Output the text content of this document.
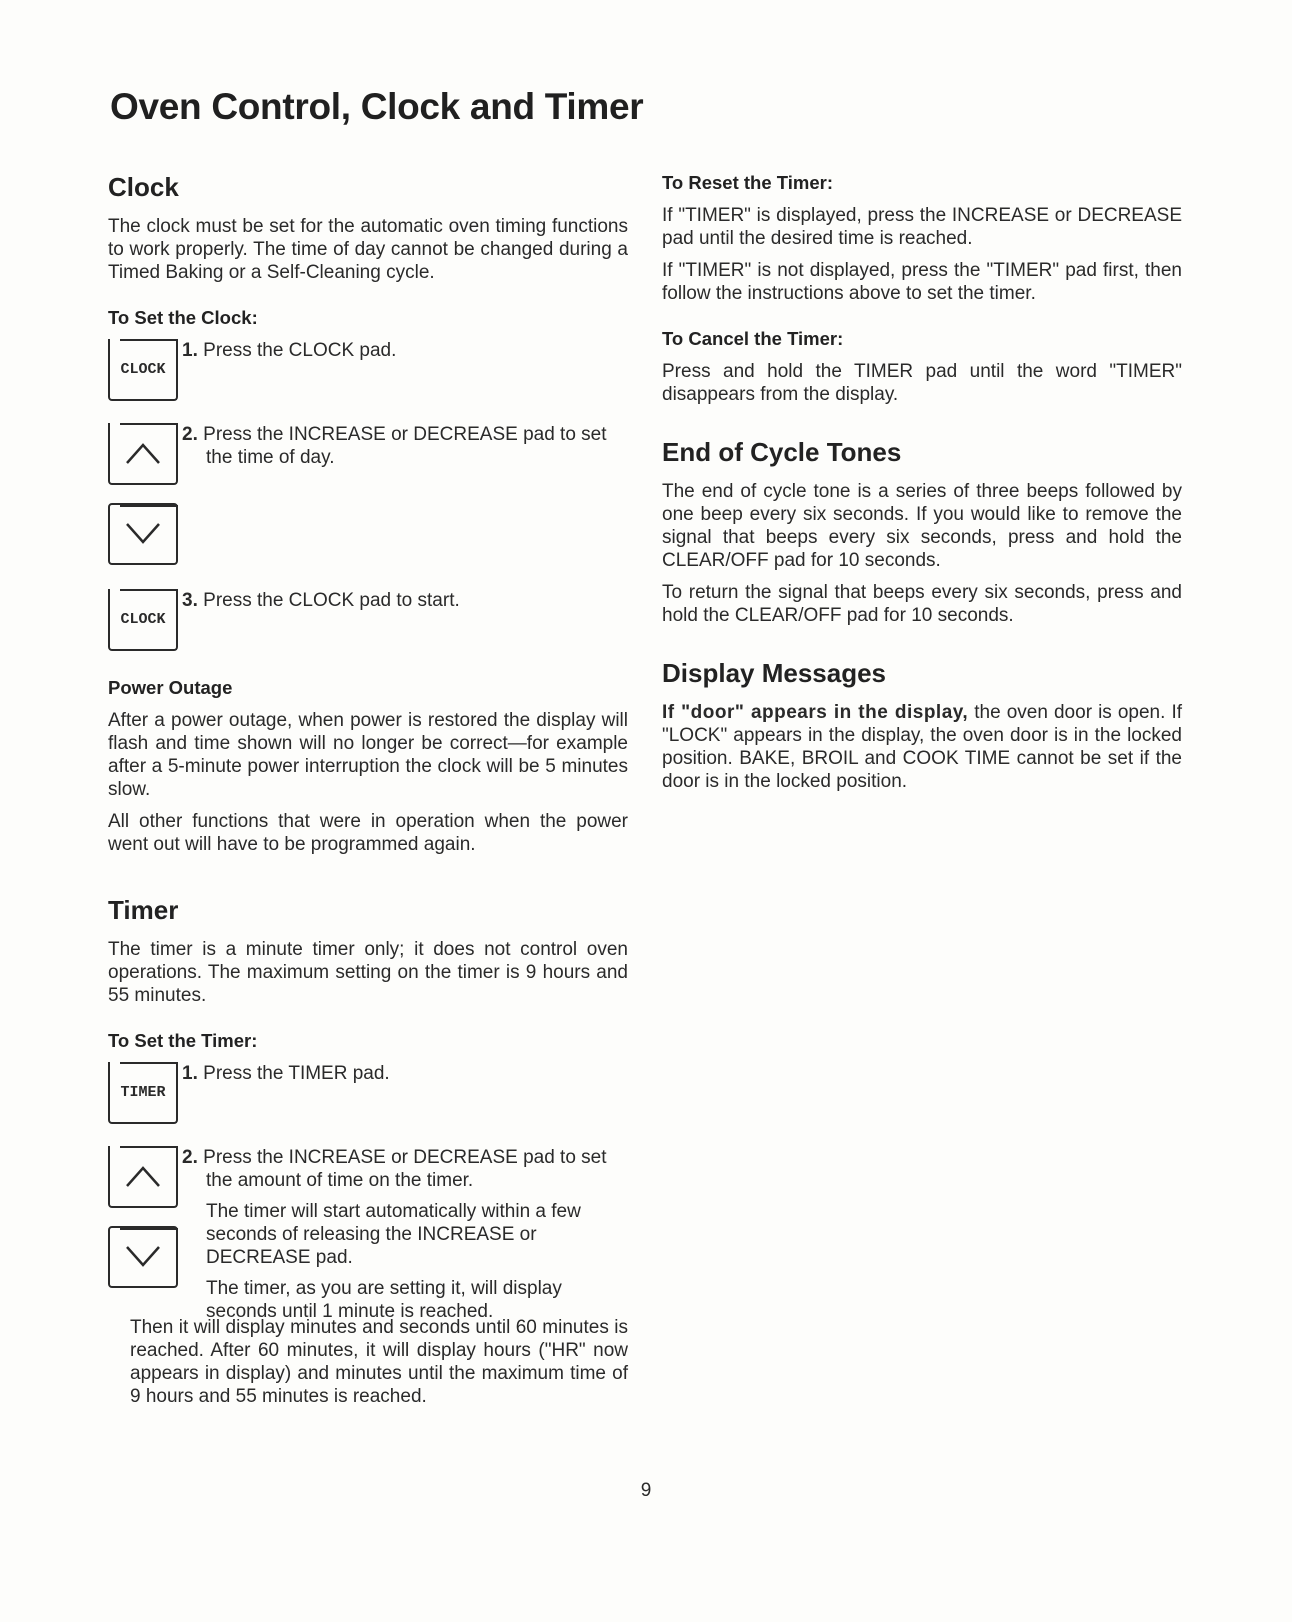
Oven Control, Clock and Timer
Clock

The clock must be set for the automatic oven timing functions to work properly. The time of day cannot be changed during a Timed Baking or a Self-Cleaning cycle.

To Set the Clock:
CLOCK
1. Press the CLOCK pad.
2. Press the INCREASE or DECREASE pad to set the time of day.
CLOCK
3. Press the CLOCK pad to start.
Power Outage

After a power outage, when power is restored the display will flash and time shown will no longer be correct—for example after a 5-minute power interruption the clock will be 5 minutes slow.

All other functions that were in operation when the power went out will have to be programmed again.

Timer

The timer is a minute timer only; it does not control oven operations. The maximum setting on the timer is 9 hours and 55 minutes.

To Set the Timer:
TIMER
1. Press the TIMER pad.
2. Press the INCREASE or DECREASE pad to set the amount of time on the timer.
The timer will start automatically within a few seconds of releasing the INCREASE or DECREASE pad.
The timer, as you are setting it, will display seconds until 1 minute is reached.

Then it will display minutes and seconds until 60 minutes is reached. After 60 minutes, it will display hours ("HR" now appears in display) and minutes until the maximum time of 9 hours and 55 minutes is reached.

To Reset the Timer:

If "TIMER" is displayed, press the INCREASE or DECREASE pad until the desired time is reached.

If "TIMER" is not displayed, press the "TIMER" pad first, then follow the instructions above to set the timer.

To Cancel the Timer:

Press and hold the TIMER pad until the word "TIMER" disappears from the display.

End of Cycle Tones

The end of cycle tone is a series of three beeps followed by one beep every six seconds. If you would like to remove the signal that beeps every six seconds, press and hold the CLEAR/OFF pad for 10 seconds.

To return the signal that beeps every six seconds, press and hold the CLEAR/OFF pad for 10 seconds.

Display Messages

If "door" appears in the display, the oven door is open. If "LOCK" appears in the display, the oven door is in the locked position. BAKE, BROIL and COOK TIME cannot be set if the door is in the locked position.

9
